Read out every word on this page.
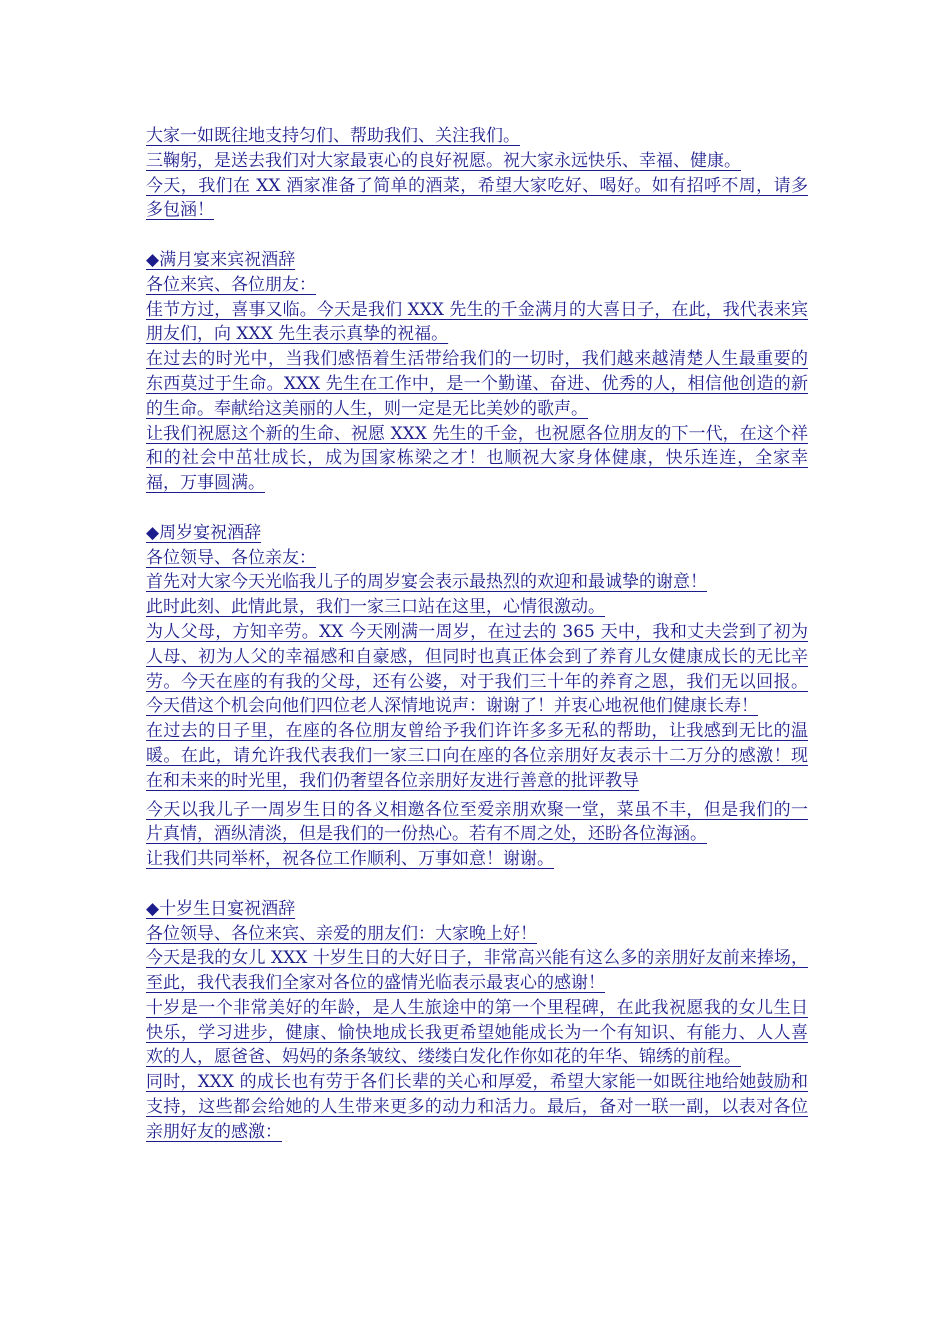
大家一如既往地支持匀们、帮助我们、关注我们。

三鞠躬，是送去我们对大家最衷心的良好祝愿。祝大家永远快乐、幸福、健康。

今天，我们在 XX 酒家准备了简单的酒菜，希望大家吃好、喝好。如有招呼不周，请多多包涵！

◆满月宴来宾祝酒辞

各位来宾、各位朋友：

佳节方过，喜事又临。今天是我们 XXX 先生的千金满月的大喜日子，在此，我代表来宾朋友们，向 XXX 先生表示真挚的祝福。

在过去的时光中，当我们感悟着生活带给我们的一切时，我们越来越清楚人生最重要的东西莫过于生命。XXX 先生在工作中，是一个勤谨、奋进、优秀的人，相信他创造的新的生命。奉献给这美丽的人生，则一定是无比美妙的歌声。

让我们祝愿这个新的生命、祝愿 XXX 先生的千金，也祝愿各位朋友的下一代，在这个祥和的社会中茁壮成长，成为国家栋梁之才！也顺祝大家身体健康，快乐连连，全家幸福，万事圆满。

◆周岁宴祝酒辞

各位领导、各位亲友：

首先对大家今天光临我儿子的周岁宴会表示最热烈的欢迎和最诚挚的谢意！

此时此刻、此情此景，我们一家三口站在这里，心情很激动。

为人父母，方知辛劳。XX 今天刚满一周岁，在过去的 365 天中，我和丈夫尝到了初为人母、初为人父的幸福感和自豪感，但同时也真正体会到了养育儿女健康成长的无比辛劳。今天在座的有我的父母，还有公婆，对于我们三十年的养育之恩，我们无以回报。今天借这个机会向他们四位老人深情地说声：谢谢了！并衷心地祝他们健康长寿！

在过去的日子里，在座的各位朋友曾给予我们许许多多无私的帮助，让我感到无比的温暖。在此，请允许我代表我们一家三口向在座的各位亲朋好友表示十二万分的感激！现在和未来的时光里，我们仍奢望各位亲朋好友进行善意的批评教导

今天以我儿子一周岁生日的各义相邀各位至爱亲朋欢聚一堂，菜虽不丰，但是我们的一片真情，酒纵清淡，但是我们的一份热心。若有不周之处，还盼各位海涵。

让我们共同举杯，祝各位工作顺利、万事如意！谢谢。

◆十岁生日宴祝酒辞

各位领导、各位来宾、亲爱的朋友们：大家晚上好！

今天是我的女儿 XXX 十岁生日的大好日子，非常高兴能有这么多的亲朋好友前来捧场，至此，我代表我们全家对各位的盛情光临表示最衷心的感谢！

十岁是一个非常美好的年龄，是人生旅途中的第一个里程碑，在此我祝愿我的女儿生日快乐，学习进步，健康、愉快地成长我更希望她能成长为一个有知识、有能力、人人喜欢的人，愿爸爸、妈妈的条条皱纹、缕缕白发化作你如花的年华、锦绣的前程。

同时，XXX 的成长也有劳于各们长辈的关心和厚爱，希望大家能一如既往地给她鼓励和支持，这些都会给她的人生带来更多的动力和活力。最后，备对一联一副，以表对各位亲朋好友的感激：
